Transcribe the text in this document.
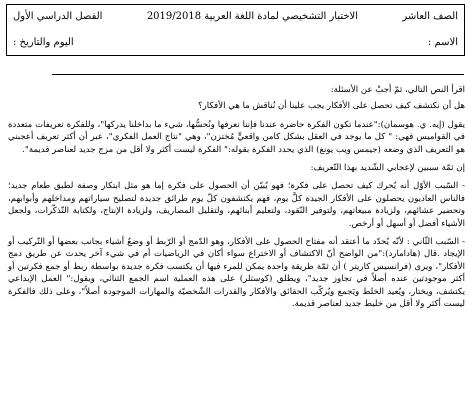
الصف العاشر
الاختبار التشخيصي لمادة اللغة العربية 2019/2018
الفصل الدراسي الأول
الاسم :
اليوم والتاريخ :

اقرأ النص التالي، ثمّ أجبْ عن الأسئلة:

هل أن نكتشف كيف تحصل على الأفكار يجب علينا أن نُناقش ما هي الأفكار؟

يقول (إيه. ي. هوسمان):"عندما تكون الفكرة حاضرة عندنا فإننا نعرفها ونُحسُّها، شيء ما بداخلنا يدركها"، وللفكرة تعريفات متعددة في القواميس فهي: " كل ما يوجد في العقل بشكل كامن واقعيٍّ مُختزن"، وهي "نتاج العمل الفكري"، عبر أن أكثر تعريف أعجبني هو التعريف الذي وضعه (جيمس ويب يونغ) الذي يحدد الفكرة بقوله:" الفكرة ليست أكثر ولا أقل من مزج جديد لعناصر قديمة".

إن ثمّة سببين لإعجابي الشّديد بهذا التّعريف:

- السّبب الأوّل أنه يُحرك كيف تحصل على فكرة؛ فهو يُبيّن أن الحصول على فكرة إما هو مثل ابتكار وصفة لطبق طعام جديد؛ فالناس العاديون يحصلون على الأفكار الجيدة كلَّ يوم، فهم يكتشفون كلّ يوم طرائق جديدة لتصليح سياراتهم ومداخلهم وأبوابهم، وتحضير عشائهم، ولزيادة مبيعاتهم، ولتوفير النّقود، ولتعليم أبنائهم، ولتقليل المصاريف، ولزيادة الإنتاج، ولكتابة التّذكّرات، ولجعل الأشياء أفضل أو أسهل أو أرخص.

- السّبب الثّاني : لأنّه يُحدّد ما أعتقد أنه مفتاح الحصول على الأفكار، وهو الدّمج أو الرّبط أو وضعُ أشياء بجانب بعضها أو التّركيب أو الإيجاد .قال (هادامارد):"من الواضح أنّ الاكتشاف أو الاختراع سواء أكان في الرياضيات أم في شيء آخر يحدث عن طريق دمج الأفكار"، ويرى (فرانسيس كاريتر ) أن ثمّة طريقة واحدة يمكن للمرء فيها أن يكتسب فكرة جديدة بواسطة ربط أو جمع فكرتين أو أكثر موجودتين عنده أصلاً في تجاوز جديد"، ويطلق (كوستلر) على هذه العملية اسم الجمع الثنائي، ويقول:" العمل الإبداعي يكتشف، ويختار، ويُعيد الخلط ويَجمع ويُركّب الحقائق والأفكار والقدرات الشّخصيّة والمهارات الموجودة أصلاً"، وعلى ذلك فالفكرة ليست أكثر ولا أقل من خليط جديد لعناصر قديمة.
